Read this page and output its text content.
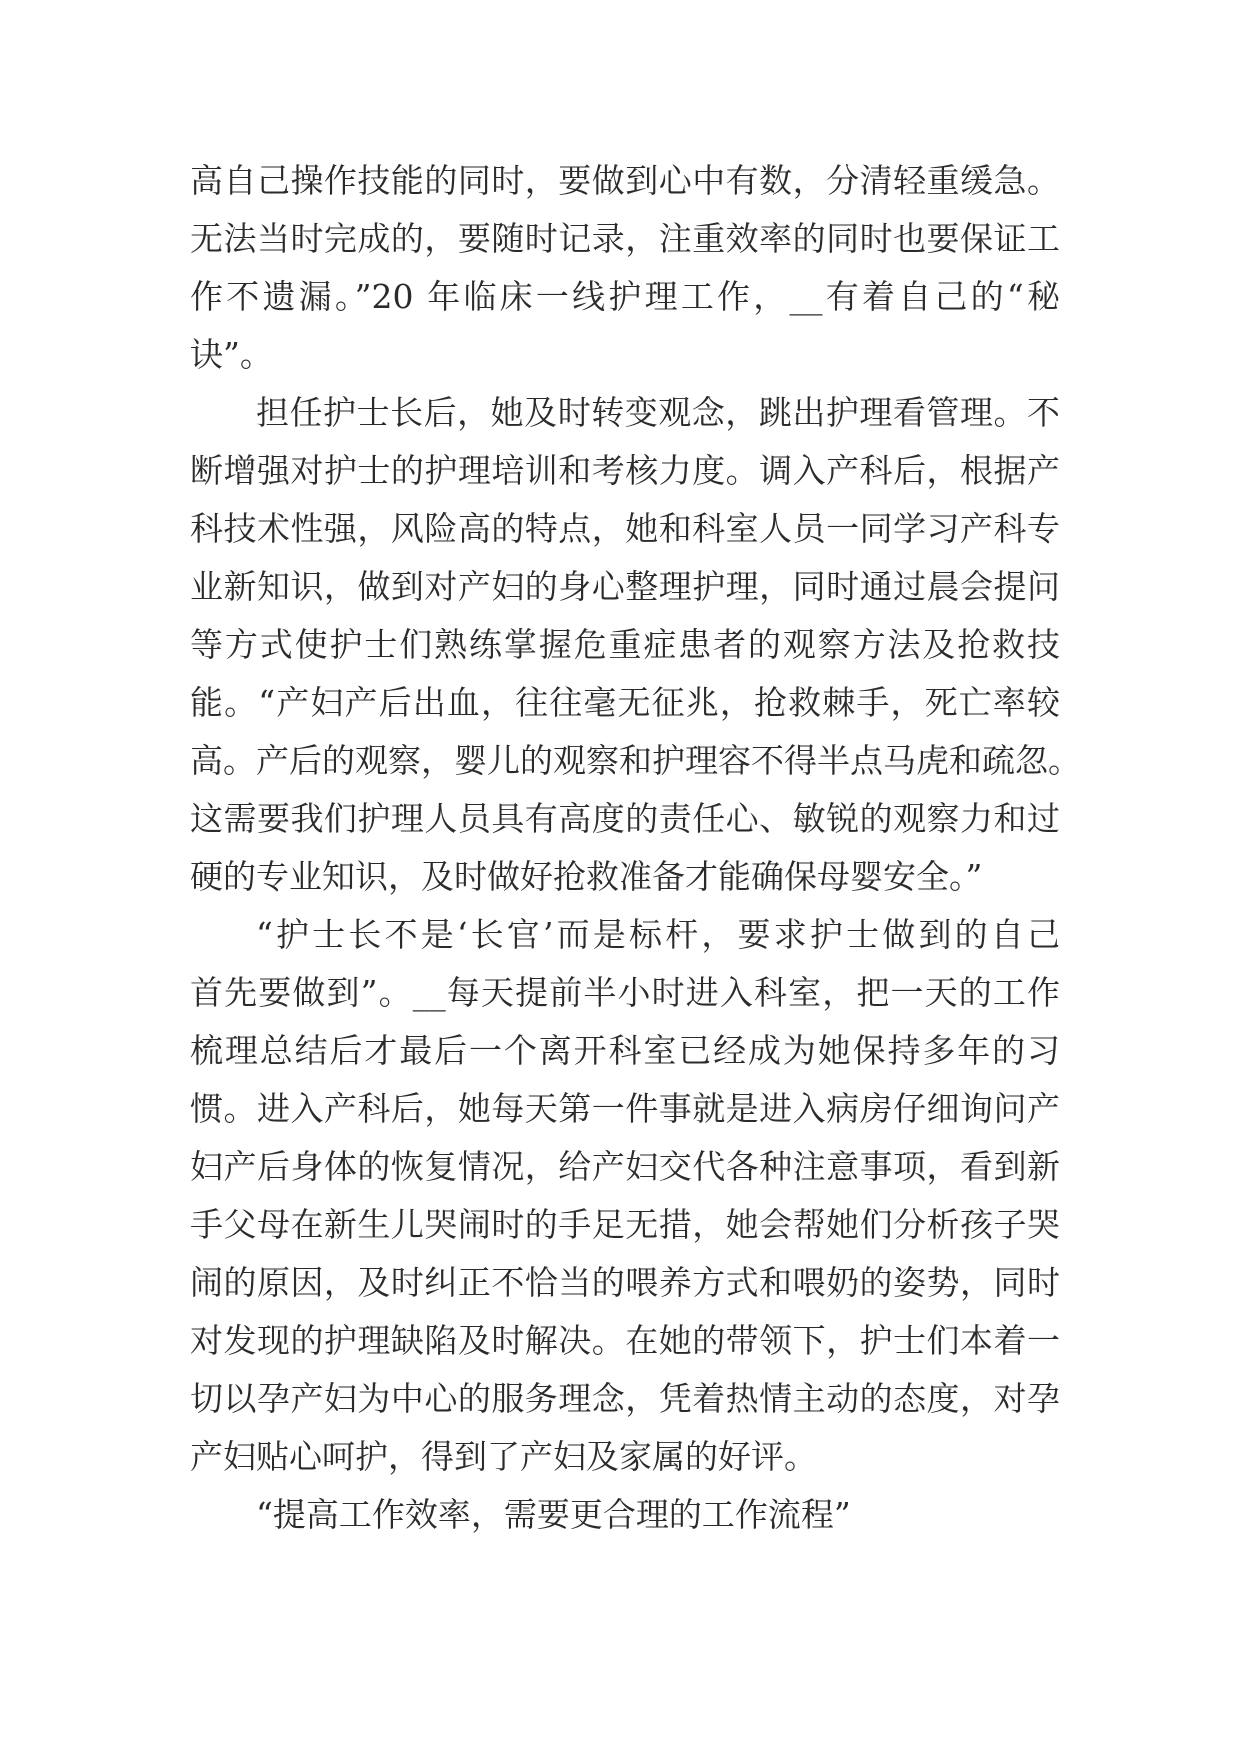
高自己操作技能的同时，要做到心中有数，分清轻重缓急。
无法当时完成的，要随时记录，注重效率的同时也要保证工
作不遗漏。”20 年临床一线护理工作，__有着自己的“秘
诀”。
担任护士长后，她及时转变观念，跳出护理看管理。不
断增强对护士的护理培训和考核力度。调入产科后，根据产
科技术性强，风险高的特点，她和科室人员一同学习产科专
业新知识，做到对产妇的身心整理护理，同时通过晨会提问
等方式使护士们熟练掌握危重症患者的观察方法及抢救技
能。“产妇产后出血，往往毫无征兆，抢救棘手，死亡率较
高。产后的观察，婴儿的观察和护理容不得半点马虎和疏忽。
这需要我们护理人员具有高度的责任心、敏锐的观察力和过
硬的专业知识，及时做好抢救准备才能确保母婴安全。”
“护士长不是‘长官’而是标杆，要求护士做到的自己
首先要做到”。__每天提前半小时进入科室，把一天的工作
梳理总结后才最后一个离开科室已经成为她保持多年的习
惯。进入产科后，她每天第一件事就是进入病房仔细询问产
妇产后身体的恢复情况，给产妇交代各种注意事项，看到新
手父母在新生儿哭闹时的手足无措，她会帮她们分析孩子哭
闹的原因，及时纠正不恰当的喂养方式和喂奶的姿势，同时
对发现的护理缺陷及时解决。在她的带领下，护士们本着一
切以孕产妇为中心的服务理念，凭着热情主动的态度，对孕
产妇贴心呵护，得到了产妇及家属的好评。
“提高工作效率，需要更合理的工作流程”
